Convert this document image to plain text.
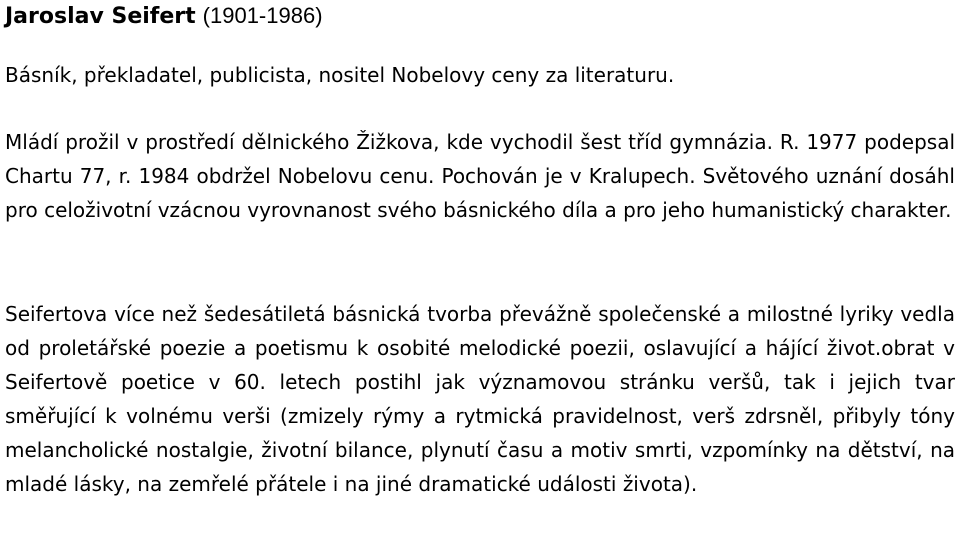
Jaroslav Seifert (1901-1986)

Básník, překladatel, publicista, nositel Nobelovy ceny za literaturu.

Mládí prožil v prostředí dělnického Žižkova, kde vychodil šest tříd gymnázia. R. 1977 podepsal Chartu 77, r. 1984 obdržel Nobelovu cenu. Pochován je v Kralupech. Světového uznání dosáhl pro celoživotní vzácnou vyrovnanost svého básnického díla a pro jeho humanistický charakter.

Seifertova více než šedesátiletá básnická tvorba převážně společenské a milostné lyriky vedla od proletářské poezie a poetismu k osobité melodické poezii, oslavující a hájící život.obrat v Seifertově poetice v 60. letech postihl jak významovou stránku veršů, tak i jejich tvar směřující k volnému verši (zmizely rýmy a rytmická pravidelnost, verš zdrsněl, přibyly tóny melancholické nostalgie, životní bilance, plynutí času a motiv smrti, vzpomínky na dětství, na mladé lásky, na zemřelé přátele i na jiné dramatické události života).
